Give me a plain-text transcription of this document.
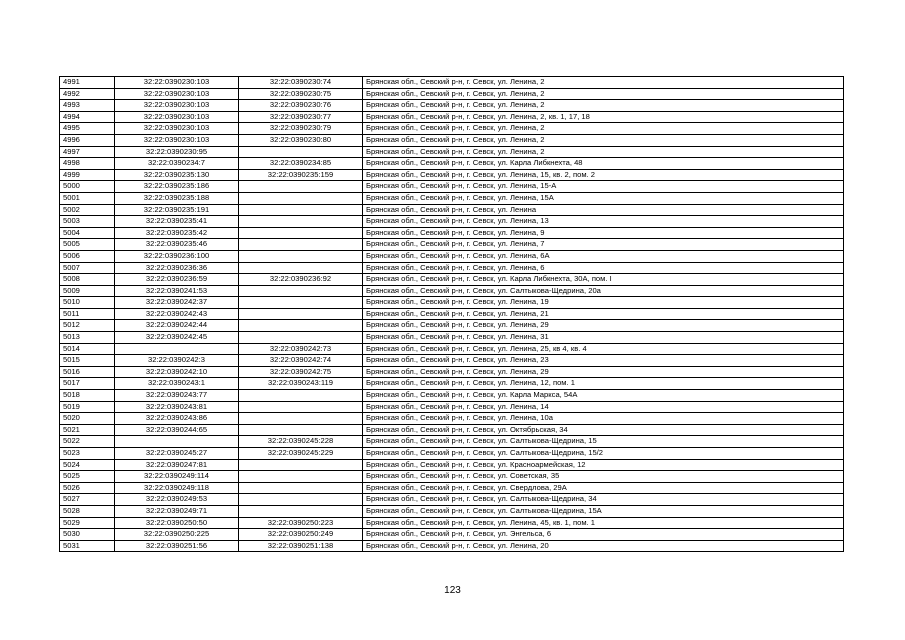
4991	32:22:0390230:103	32:22:0390230:74	Брянская обл., Севский р-н, г. Севск, ул. Ленина, 2
4992	32:22:0390230:103	32:22:0390230:75	Брянская обл., Севский р-н, г. Севск, ул. Ленина, 2
4993	32:22:0390230:103	32:22:0390230:76	Брянская обл., Севский р-н, г. Севск, ул. Ленина, 2
4994	32:22:0390230:103	32:22:0390230:77	Брянская обл., Севский р-н, г. Севск, ул. Ленина, 2, кв. 1, 17, 18
4995	32:22:0390230:103	32:22:0390230:79	Брянская обл., Севский р-н, г. Севск, ул. Ленина, 2
4996	32:22:0390230:103	32:22:0390230:80	Брянская обл., Севский р-н, г. Севск, ул. Ленина, 2
4997	32:22:0390230:95		Брянская обл., Севский р-н, г. Севск, ул. Ленина, 2
4998	32:22:0390234:7	32:22:0390234:85	Брянская обл., Севский р-н, г. Севск, ул. Карла Либкнехта, 48
4999	32:22:0390235:130	32:22:0390235:159	Брянская обл., Севский р-н, г. Севск, ул. Ленина, 15, кв. 2, пом. 2
5000	32:22:0390235:186		Брянская обл., Севский р-н, г. Севск, ул. Ленина, 15-А
5001	32:22:0390235:188		Брянская обл., Севский р-н, г. Севск, ул. Ленина, 15А
5002	32:22:0390235:191		Брянская обл., Севский р-н, г. Севск, ул. Ленина
5003	32:22:0390235:41		Брянская обл., Севский р-н, г. Севск, ул. Ленина, 13
5004	32:22:0390235:42		Брянская обл., Севский р-н, г. Севск, ул. Ленина, 9
5005	32:22:0390235:46		Брянская обл., Севский р-н, г. Севск, ул. Ленина, 7
5006	32:22:0390236:100		Брянская обл., Севский р-н, г. Севск, ул. Ленина, 6А
5007	32:22:0390236:36		Брянская обл., Севский р-н, г. Севск, ул. Ленина, 6
5008	32:22:0390236:59	32:22:0390236:92	Брянская обл., Севский р-н, г. Севск, ул. Карла Либкнехта, 30А, пом. I
5009	32:22:0390241:53		Брянская обл., Севский р-н, г. Севск, ул. Салтыкова-Щедрина, 20а
5010	32:22:0390242:37		Брянская обл., Севский р-н, г. Севск, ул. Ленина, 19
5011	32:22:0390242:43		Брянская обл., Севский р-н, г. Севск, ул. Ленина, 21
5012	32:22:0390242:44		Брянская обл., Севский р-н, г. Севск, ул. Ленина, 29
5013	32:22:0390242:45		Брянская обл., Севский р-н, г. Севск, ул. Ленина, 31
5014		32:22:0390242:73	Брянская обл., Севский р-н, г. Севск, ул. Ленина, 25, кв 4, кв. 4
5015	32:22:0390242:3	32:22:0390242:74	Брянская обл., Севский р-н, г. Севск, ул. Ленина, 23
5016	32:22:0390242:10	32:22:0390242:75	Брянская обл., Севский р-н, г. Севск, ул. Ленина, 29
5017	32:22:0390243:1	32:22:0390243:119	Брянская обл., Севский р-н, г. Севск, ул. Ленина, 12, пом. 1
5018	32:22:0390243:77		Брянская обл., Севский р-н, г. Севск, ул. Карла Маркса, 54А
5019	32:22:0390243:81		Брянская обл., Севский р-н, г. Севск, ул. Ленина, 14
5020	32:22:0390243:86		Брянская обл., Севский р-н, г. Севск, ул. Ленина, 10а
5021	32:22:0390244:65		Брянская обл., Севский р-н, г. Севск, ул. Октябрьская, 34
5022		32:22:0390245:228	Брянская обл., Севский р-н, г. Севск, ул. Салтыкова-Щедрина, 15
5023	32:22:0390245:27	32:22:0390245:229	Брянская обл., Севский р-н, г. Севск, ул. Салтыкова-Щедрина, 15/2
5024	32:22:0390247:81		Брянская обл., Севский р-н, г. Севск, ул. Красноармейская, 12
5025	32:22:0390249:114		Брянская обл., Севский р-н, г. Севск, ул. Советская, 35
5026	32:22:0390249:118		Брянская обл., Севский р-н, г. Севск, ул. Свердлова, 29А
5027	32:22:0390249:53		Брянская обл., Севский р-н, г. Севск, ул. Салтыкова-Щедрина, 34
5028	32:22:0390249:71		Брянская обл., Севский р-н, г. Севск, ул. Салтыкова-Щедрина, 15А
5029	32:22:0390250:50	32:22:0390250:223	Брянская обл., Севский р-н, г. Севск, ул. Ленина, 45, кв. 1, пом. 1
5030	32:22:0390250:225	32:22:0390250:249	Брянская обл., Севский р-н, г. Севск, ул. Энгельса, 6
5031	32:22:0390251:56	32:22:0390251:138	Брянская обл., Севский р-н, г. Севск, ул. Ленина, 20
123
